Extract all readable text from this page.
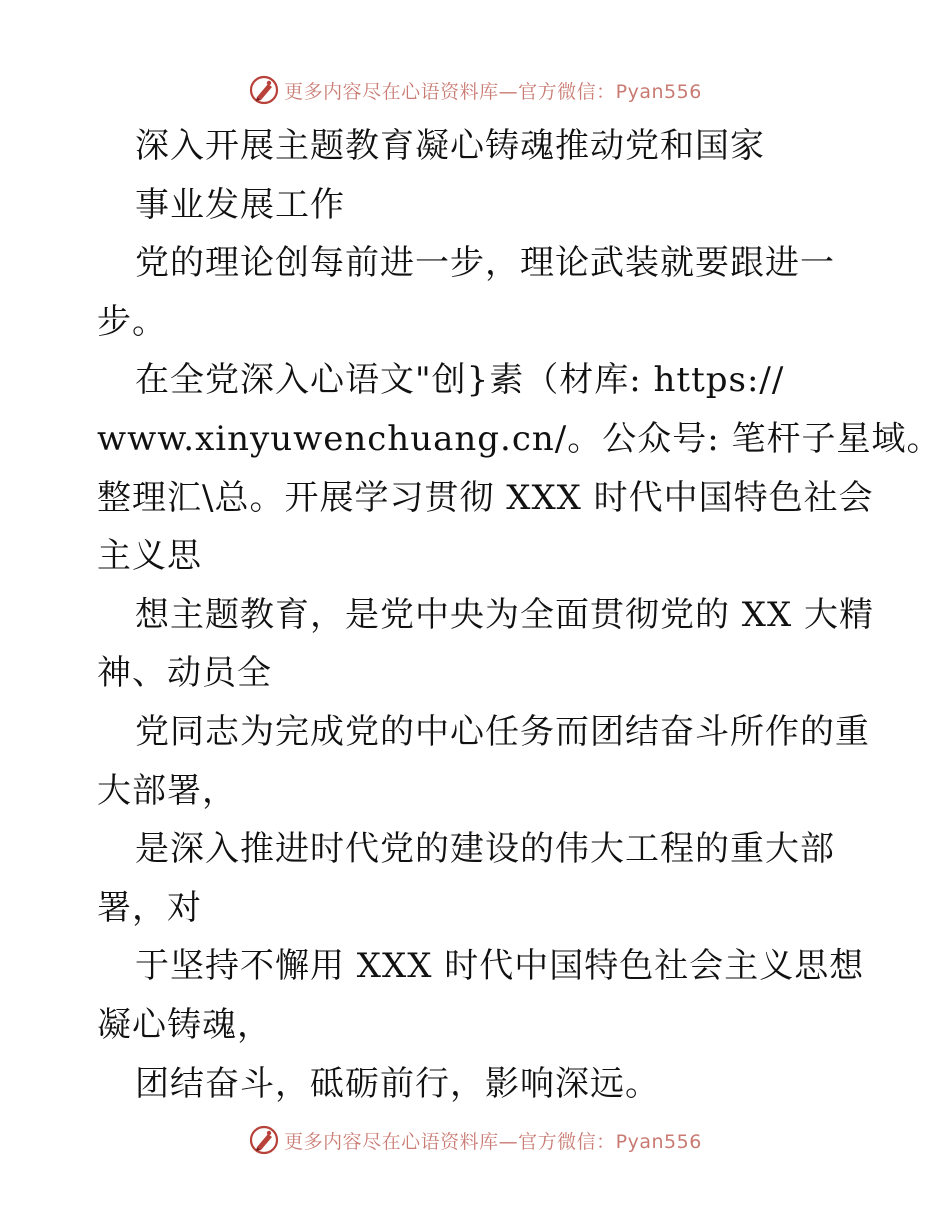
更多内容尽在心语资料库—官方微信：Pyan556
深入开展主题教育凝心铸魂推动党和国家
事业发展工作
党的理论创每前进一步，理论武装就要跟进一
步。
在全党深入心语文"创}素（材库: https://
www.xinyuwenchuang.cn/。公众号: 笔杆子星域。
整理汇\总。开展学习贯彻 XXX 时代中国特色社会
主义思
想主题教育，是党中央为全面贯彻党的 XX 大精
神、动员全
党同志为完成党的中心任务而团结奋斗所作的重
大部署，
是深入推进时代党的建设的伟大工程的重大部
署，对
于坚持不懈用 XXX 时代中国特色社会主义思想
凝心铸魂，
团结奋斗，砥砺前行，影响深远。
更多内容尽在心语资料库—官方微信：Pyan556
